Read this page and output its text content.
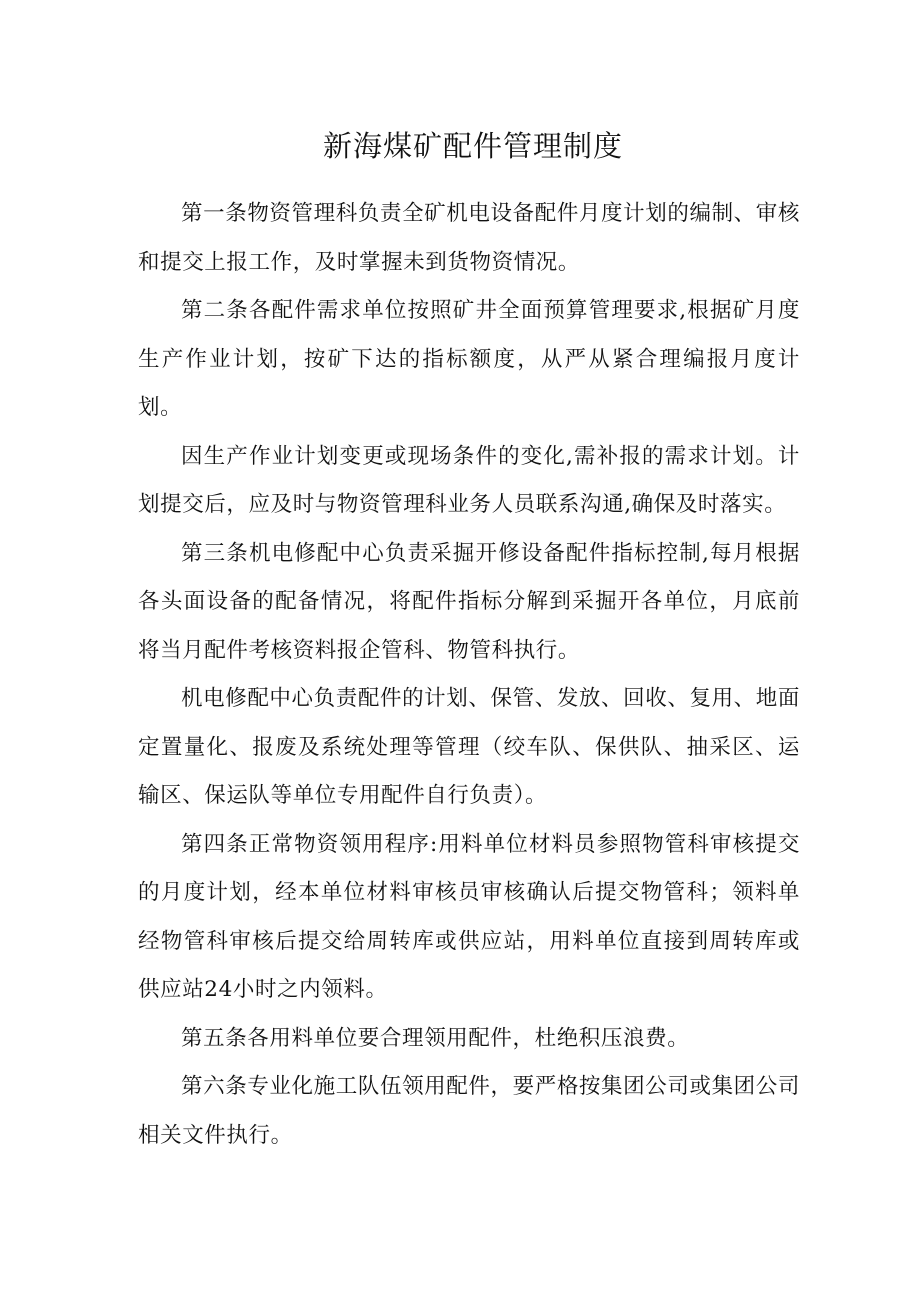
新海煤矿配件管理制度

第一条物资管理科负责全矿机电设备配件月度计划的编制、审核和提交上报工作，及时掌握未到货物资情况。

第二条各配件需求单位按照矿井全面预算管理要求,根据矿月度生产作业计划，按矿下达的指标额度，从严从紧合理编报月度计划。

因生产作业计划变更或现场条件的变化,需补报的需求计划。计划提交后，应及时与物资管理科业务人员联系沟通,确保及时落实。

第三条机电修配中心负责采掘开修设备配件指标控制,每月根据各头面设备的配备情况，将配件指标分解到采掘开各单位，月底前将当月配件考核资料报企管科、物管科执行。

机电修配中心负责配件的计划、保管、发放、回收、复用、地面定置量化、报废及系统处理等管理（绞车队、保供队、抽采区、运输区、保运队等单位专用配件自行负责）。

第四条正常物资领用程序:用料单位材料员参照物管科审核提交的月度计划，经本单位材料审核员审核确认后提交物管科；领料单经物管科审核后提交给周转库或供应站，用料单位直接到周转库或供应站24小时之内领料。

第五条各用料单位要合理领用配件，杜绝积压浪费。

第六条专业化施工队伍领用配件，要严格按集团公司或集团公司相关文件执行。
